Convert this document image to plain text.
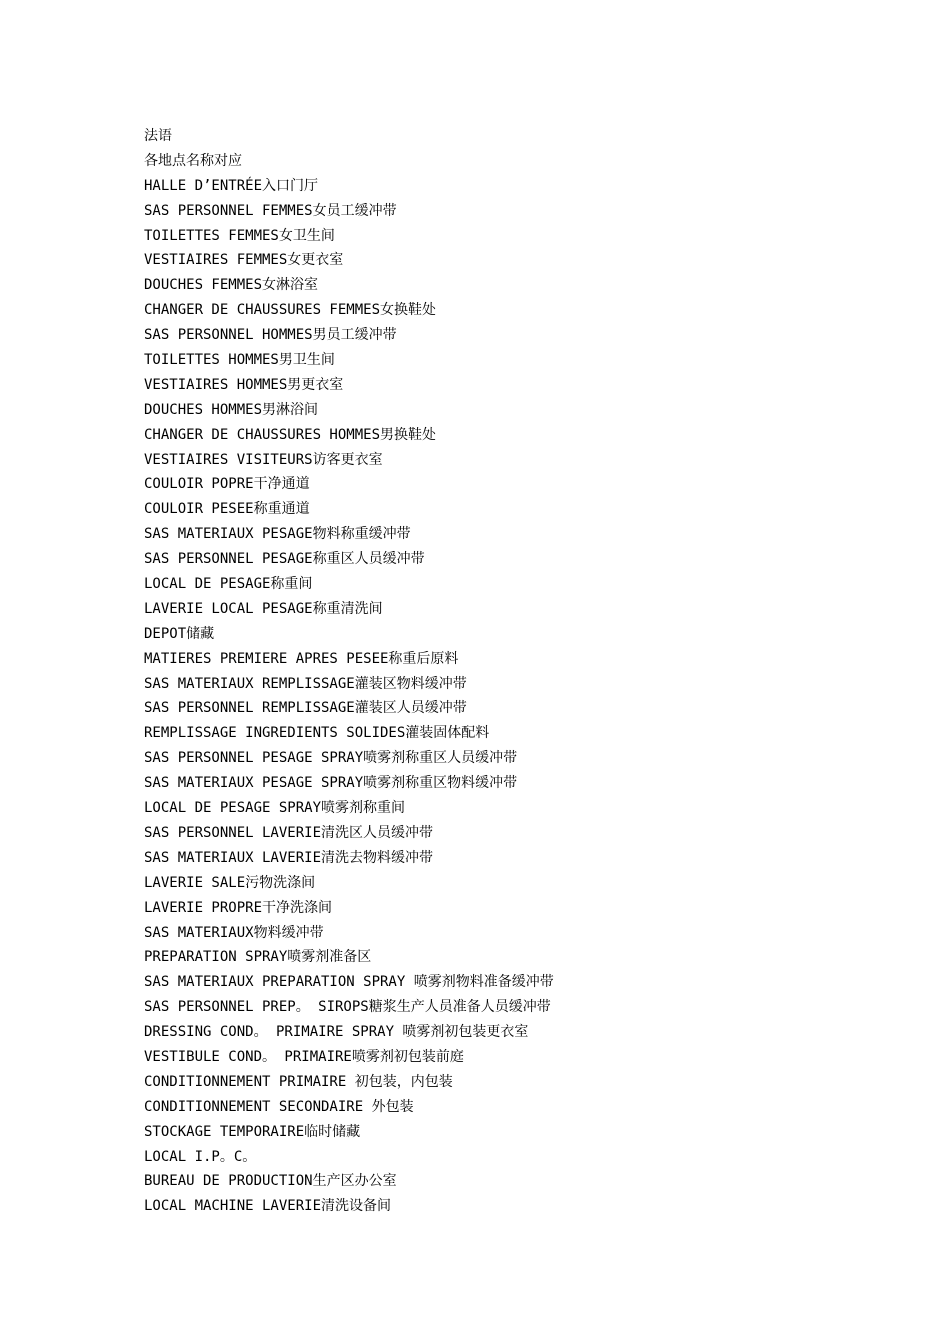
法语
各地点名称对应
HALLE D’ENTRÉE入口门厅
SAS PERSONNEL FEMMES女员工缓冲带
TOILETTES FEMMES女卫生间
VESTIAIRES FEMMES女更衣室
DOUCHES FEMMES女淋浴室
CHANGER DE CHAUSSURES FEMMES女换鞋处
SAS PERSONNEL HOMMES男员工缓冲带
TOILETTES HOMMES男卫生间
VESTIAIRES HOMMES男更衣室
DOUCHES HOMMES男淋浴间
CHANGER DE CHAUSSURES HOMMES男换鞋处
VESTIAIRES VISITEURS访客更衣室
COULOIR POPRE干净通道
COULOIR PESEE称重通道
SAS MATERIAUX PESAGE物料称重缓冲带
SAS PERSONNEL PESAGE称重区人员缓冲带
LOCAL DE PESAGE称重间
LAVERIE LOCAL PESAGE称重清洗间
DEPOT储藏
MATIERES PREMIERE APRES PESEE称重后原料
SAS MATERIAUX REMPLISSAGE灌装区物料缓冲带
SAS PERSONNEL REMPLISSAGE灌装区人员缓冲带
REMPLISSAGE INGREDIENTS SOLIDES灌装固体配料
SAS PERSONNEL PESAGE SPRAY喷雾剂称重区人员缓冲带
SAS MATERIAUX PESAGE SPRAY喷雾剂称重区物料缓冲带
LOCAL DE PESAGE SPRAY喷雾剂称重间
SAS PERSONNEL LAVERIE清洗区人员缓冲带
SAS MATERIAUX LAVERIE清洗去物料缓冲带
LAVERIE SALE污物洗涤间
LAVERIE PROPRE干净洗涤间
SAS MATERIAUX物料缓冲带
PREPARATION SPRAY喷雾剂准备区
SAS MATERIAUX PREPARATION SPRAY 喷雾剂物料准备缓冲带
SAS PERSONNEL PREP。 SIROPS糖浆生产人员准备人员缓冲带
DRESSING COND。 PRIMAIRE SPRAY 喷雾剂初包装更衣室
VESTIBULE COND。 PRIMAIRE喷雾剂初包装前庭
CONDITIONNEMENT PRIMAIRE 初包装，内包装
CONDITIONNEMENT SECONDAIRE 外包装
STOCKAGE TEMPORAIRE临时储藏
LOCAL I.P。C。
BUREAU DE PRODUCTION生产区办公室
LOCAL MACHINE LAVERIE清洗设备间
